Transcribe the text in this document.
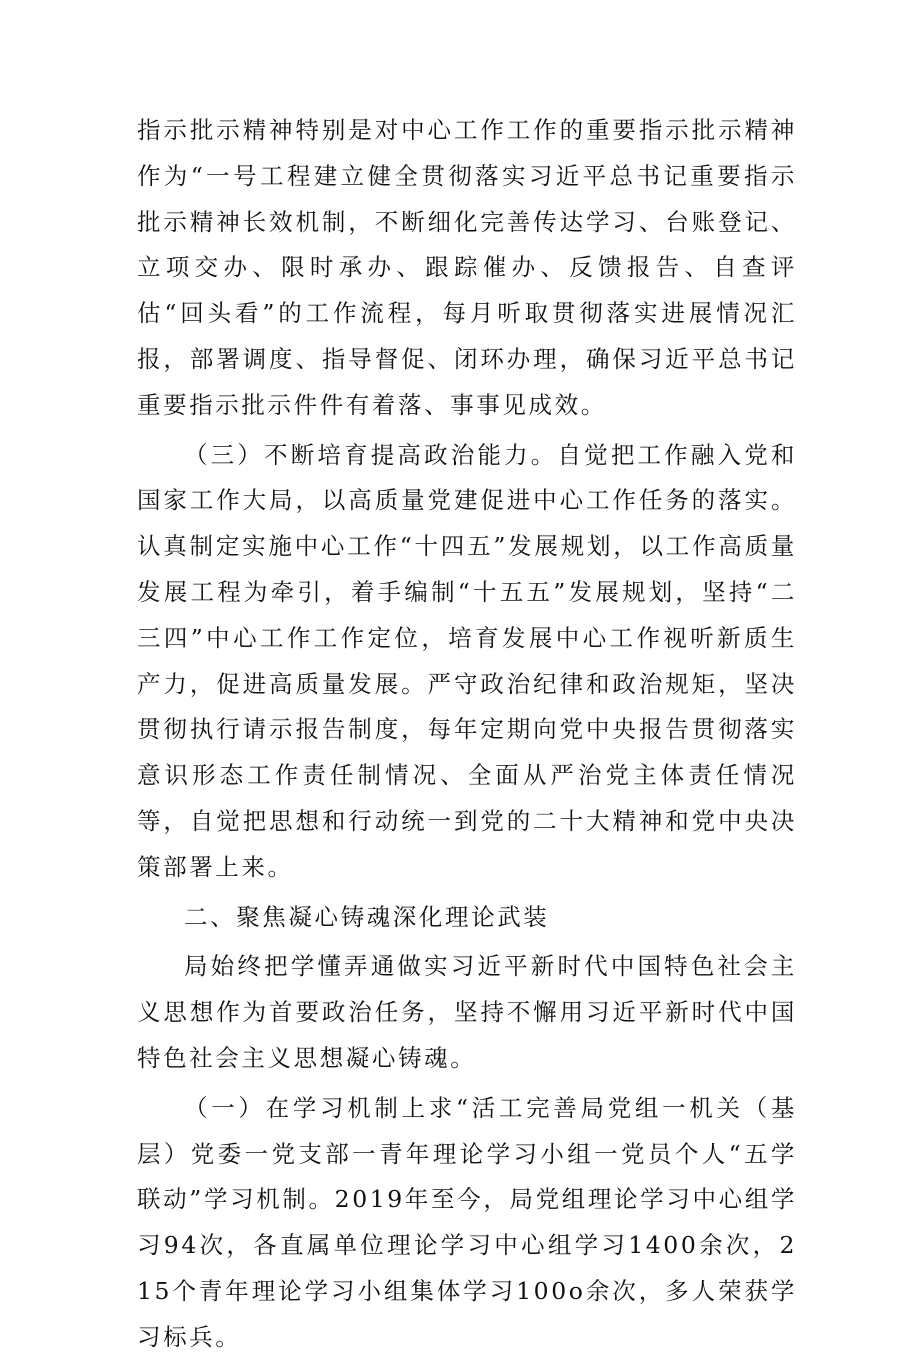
指示批示精神特别是对中心工作工作的重要指示批示精神作为“一号工程建立健全贯彻落实习近平总书记重要指示批示精神长效机制，不断细化完善传达学习、台账登记、立项交办、限时承办、跟踪催办、反馈报告、自查评估“回头看”的工作流程，每月听取贯彻落实进展情况汇报，部署调度、指导督促、闭环办理，确保习近平总书记重要指示批示件件有着落、事事见成效。

（三）不断培育提高政治能力。自觉把工作融入党和国家工作大局，以高质量党建促进中心工作任务的落实。认真制定实施中心工作“十四五”发展规划，以工作高质量发展工程为牵引，着手编制“十五五”发展规划，坚持“二三四”中心工作工作定位，培育发展中心工作视听新质生产力，促进高质量发展。严守政治纪律和政治规矩，坚决贯彻执行请示报告制度，每年定期向党中央报告贯彻落实意识形态工作责任制情况、全面从严治党主体责任情况等，自觉把思想和行动统一到党的二十大精神和党中央决策部署上来。

二、聚焦凝心铸魂深化理论武装

局始终把学懂弄通做实习近平新时代中国特色社会主义思想作为首要政治任务，坚持不懈用习近平新时代中国特色社会主义思想凝心铸魂。

（一）在学习机制上求“活工完善局党组一机关（基层）党委一党支部一青年理论学习小组一党员个人“五学联动”学习机制。2019年至今，局党组理论学习中心组学习94次，各直属单位理论学习中心组学习1400余次，215个青年理论学习小组集体学习100o余次，多人荣获学习标兵。
